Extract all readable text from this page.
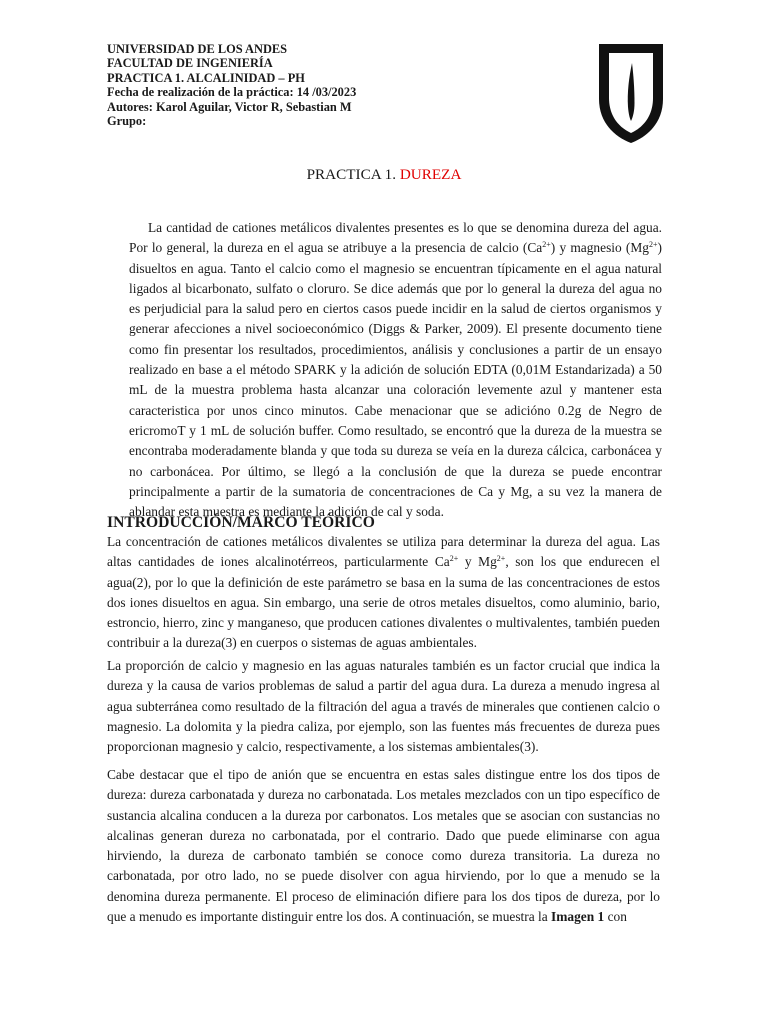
UNIVERSIDAD DE LOS ANDES
FACULTAD DE INGENIERÍA
PRACTICA 1. ALCALINIDAD – PH
Fecha de realización de la práctica: 14 /03/2023
Autores: Karol Aguilar, Victor R, Sebastian M
Grupo:
PRACTICA 1. DUREZA
La cantidad de cationes metálicos divalentes presentes es lo que se denomina dureza del agua. Por lo general, la dureza en el agua se atribuye a la presencia de calcio $(Ca^{2+})$ y magnesio $(Mg^{2+})$ disueltos en agua. Tanto el calcio como el magnesio se encuentran típicamente en el agua natural ligados al bicarbonato, sulfato o cloruro. Se dice además que por lo general la dureza del agua no es perjudicial para la salud pero en ciertos casos puede incidir en la salud de ciertos organismos y generar afecciones a nivel socioeconómico (Diggs & Parker, 2009). El presente documento tiene como fin presentar los resultados, procedimientos, análisis y conclusiones a partir de un ensayo realizado en base a el método SPARK y la adición de solución EDTA (0,01M Estandarizada) a 50 mL de la muestra problema hasta alcanzar una coloración levemente azul y mantener esta caracteristica por unos cinco minutos. Cabe menacionar que se adicióno 0.2g de Negro de ericromoT y 1 mL de solución buffer. Como resultado, se encontró que la dureza de la muestra se encontraba moderadamente blanda y que toda su dureza se veía en la dureza cálcica, carbonácea y no carbonácea. Por último, se llegó a la conclusión de que la dureza se puede encontrar principalmente a partir de la sumatoria de concentraciones de Ca y Mg, a su vez la manera de ablandar esta muestra es mediante la adición de cal y soda.
INTRODUCCIÓN/MARCO TEÓRICO
La concentración de cationes metálicos divalentes se utiliza para determinar la dureza del agua. Las altas cantidades de iones alcalinotérreos, particularmente $Ca^{2+}$ y $Mg^{2+}$, son los que endurecen el agua(2), por lo que la definición de este parámetro se basa en la suma de las concentraciones de estos dos iones disueltos en agua. Sin embargo, una serie de otros metales disueltos, como aluminio, bario, estroncio, hierro, zinc y manganeso, que producen cationes divalentes o multivalentes, también pueden contribuir a la dureza(3) en cuerpos o sistemas de aguas ambientales.
La proporción de calcio y magnesio en las aguas naturales también es un factor crucial que indica la dureza y la causa de varios problemas de salud a partir del agua dura. La dureza a menudo ingresa al agua subterránea como resultado de la filtración del agua a través de minerales que contienen calcio o magnesio. La dolomita y la piedra caliza, por ejemplo, son las fuentes más frecuentes de dureza pues proporcionan magnesio y calcio, respectivamente, a los sistemas ambientales(3).
Cabe destacar que el tipo de anión que se encuentra en estas sales distingue entre los dos tipos de dureza: dureza carbonatada y dureza no carbonatada. Los metales mezclados con un tipo específico de sustancia alcalina conducen a la dureza por carbonatos. Los metales que se asocian con sustancias no alcalinas generan dureza no carbonatada, por el contrario. Dado que puede eliminarse con agua hirviendo, la dureza de carbonato también se conoce como dureza transitoria. La dureza no carbonatada, por otro lado, no se puede disolver con agua hirviendo, por lo que a menudo se la denomina dureza permanente. El proceso de eliminación difiere para los dos tipos de dureza, por lo que a menudo es importante distinguir entre los dos. A continuación, se muestra la Imagen 1 con
